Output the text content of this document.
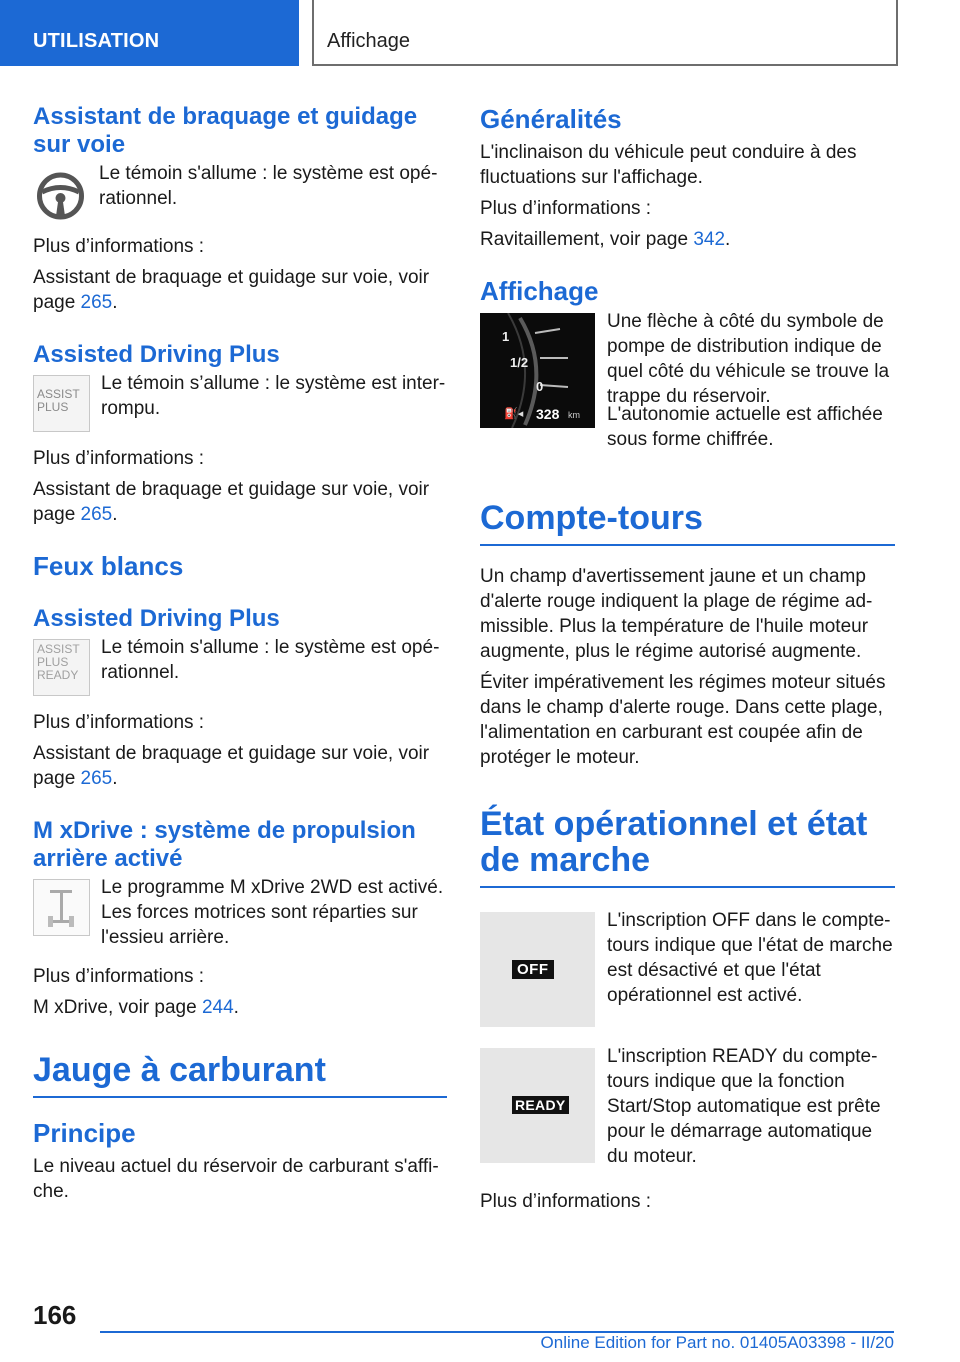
UTILISATION	Affichage
Assistant de braquage et guidage sur voie

Le témoin s'allume : le système est opérationnel.

Plus d’informations :

Assistant de braquage et guidage sur voie, voir page 265.

Assisted Driving Plus
ASSIST PLUS

Le témoin s’allume : le système est interrompu.

Plus d’informations :

Assistant de braquage et guidage sur voie, voir page 265.

Feux blancs
Assisted Driving Plus
ASSIST PLUS READY

Le témoin s'allume : le système est opérationnel.

Plus d’informations :

Assistant de braquage et guidage sur voie, voir page 265.

M xDrive : système de propulsion arrière activé

Le programme M xDrive 2WD est activé. Les forces motrices sont réparties sur l'essieu arrière.

Plus d’informations :

M xDrive, voir page 244.

Jauge à carburant
Principe

Le niveau actuel du réservoir de carburant s'affiche.

Généralités

L'inclinaison du véhicule peut conduire à des fluctuations sur l'affichage.

Plus d’informations :

Ravitaillement, voir page 342.

Affichage
1
1/2
0
⛽◂ 328 km

Une flèche à côté du symbole de pompe de distribution indique de quel côté du véhicule se trouve la trappe du réservoir.

L'autonomie actuelle est affichée sous forme chiffrée.

Compte-tours

Un champ d'avertissement jaune et un champ d'alerte rouge indiquent la plage de régime admissible. Plus la température de l'huile moteur augmente, plus le régime autorisé augmente.

Éviter impérativement les régimes moteur situés dans le champ d'alerte rouge. Dans cette plage, l'alimentation en carburant est coupée afin de protéger le moteur.

État opérationnel et état de marche
OFF

L'inscription OFF dans le compte-tours indique que l'état de marche est désactivé et que l'état opérationnel est activé.

READY

L'inscription READY du compte-tours indique que la fonction Start/Stop automatique est prête pour le démarrage automatique du moteur.

Plus d’informations :

166
Online Edition for Part no. 01405A03398 - II/20
